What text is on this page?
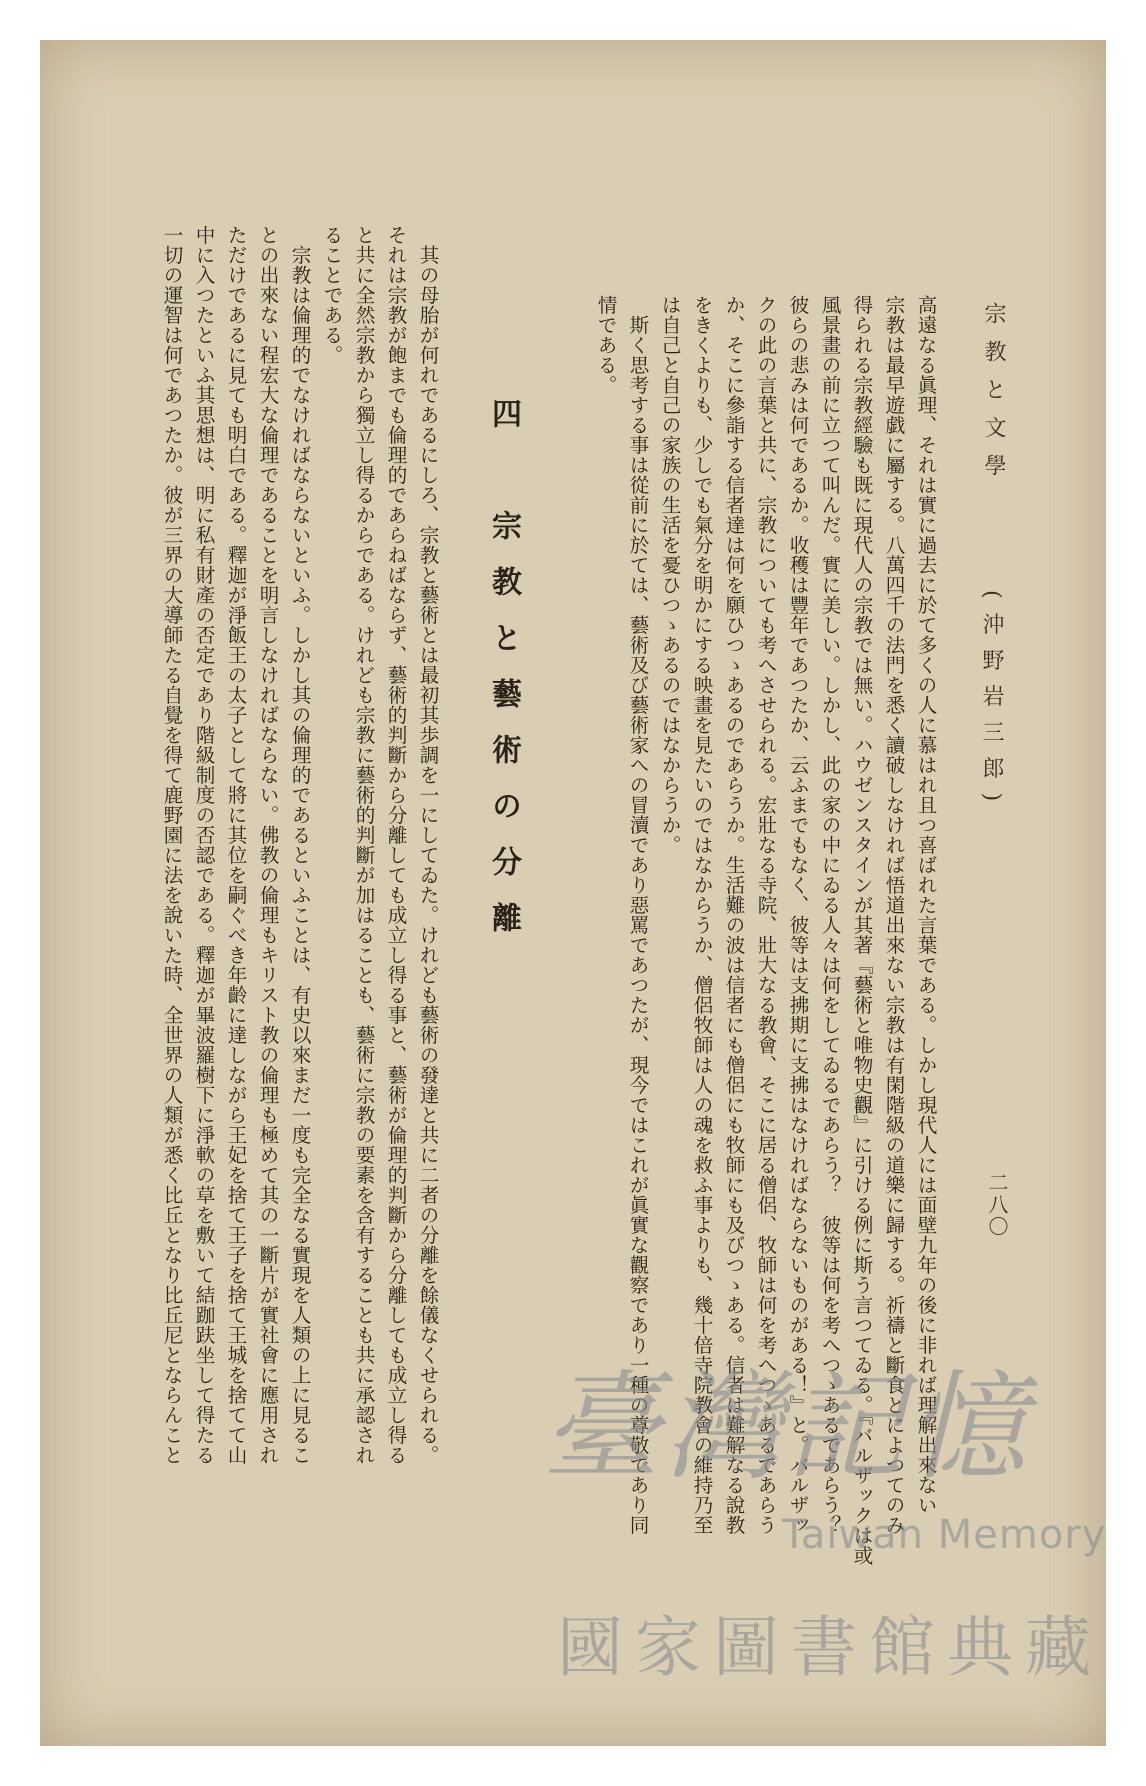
宗教と文學
(沖野岩三郎)
二八〇
高遠なる眞理、それは實に過去に於て多くの人に慕はれ且つ喜ばれた言葉である。しかし現代人には面壁九年の後に非れば理解出來ない
宗教は最早遊戯に屬する。八萬四千の法門を悉く讀破しなければ悟道出來ない宗教は有閑階級の道樂に歸する。祈禱と斷食とによつてのみ
得られる宗教經驗も既に現代人の宗教では無い。ハウゼンスタインが其著『藝術と唯物史觀』に引ける例に斯う言つてゐる。『バルザックは或
風景畫の前に立つて叫んだ。實に美しい。しかし、此の家の中にゐる人々は何をしてゐるであらう？　彼等は何を考へつゝあるであらう？
彼らの悲みは何であるか。收穫は豐年であつたか、云ふまでもなく、彼等は支拂期に支拂はなければならないものがある！』と。バルザッ
クの此の言葉と共に、宗教についても考へさせられる。宏壯なる寺院、壯大なる教會、そこに居る僧侶、牧師は何を考へつゝあるであらう
か、そこに參詣する信者達は何を願ひつゝあるのであらうか。生活難の波は信者にも僧侶にも牧師にも及びつゝある。信者は難解なる說教
をきくよりも、少しでも氣分を明かにする映畫を見たいのではなからうか、僧侶牧師は人の魂を救ふ事よりも、幾十倍寺院教會の維持乃至
は自己と自己の家族の生活を憂ひつゝあるのではなからうか。
　斯く思考する事は從前に於ては、藝術及び藝術家への冒瀆であり惡罵であつたが、現今ではこれが眞實な觀察であり一種の尊敬であり同
情である。
四　宗教と藝術の分離
　其の母胎が何れであるにしろ、宗教と藝術とは最初其歩調を一にしてゐた。けれども藝術の發達と共に二者の分離を餘儀なくせられる。
それは宗教が飽までも倫理的であらねばならず、藝術的判斷から分離しても成立し得る事と、藝術が倫理的判斷から分離しても成立し得る
と共に全然宗教から獨立し得るからである。けれども宗教に藝術的判斷が加はることも、藝術に宗教の要素を含有することも共に承認され
ることである。
　宗教は倫理的でなければならないといふ。しかし其の倫理的であるといふことは、有史以來まだ一度も完全なる實現を人類の上に見るこ
との出來ない程宏大な倫理であることを明言しなければならない。佛教の倫理もキリスト教の倫理も極めて其の一斷片が實社會に應用され
ただけであるに見ても明白である。釋迦が淨飯王の太子として將に其位を嗣ぐべき年齡に達しながら王妃を捨て王子を捨て王城を捨てて山
中に入つたといふ其思想は、明に私有財產の否定であり階級制度の否認である。釋迦が畢波羅樹下に淨軟の草を敷いて結跏趺坐して得たる
一切の運智は何であつたか。彼が三界の大導師たる自覺を得て鹿野園に法を說いた時、全世界の人類が悉く比丘となり比丘尼とならんこと	臺灣記憶
Taiwan Memory
國家圖書館典藏
